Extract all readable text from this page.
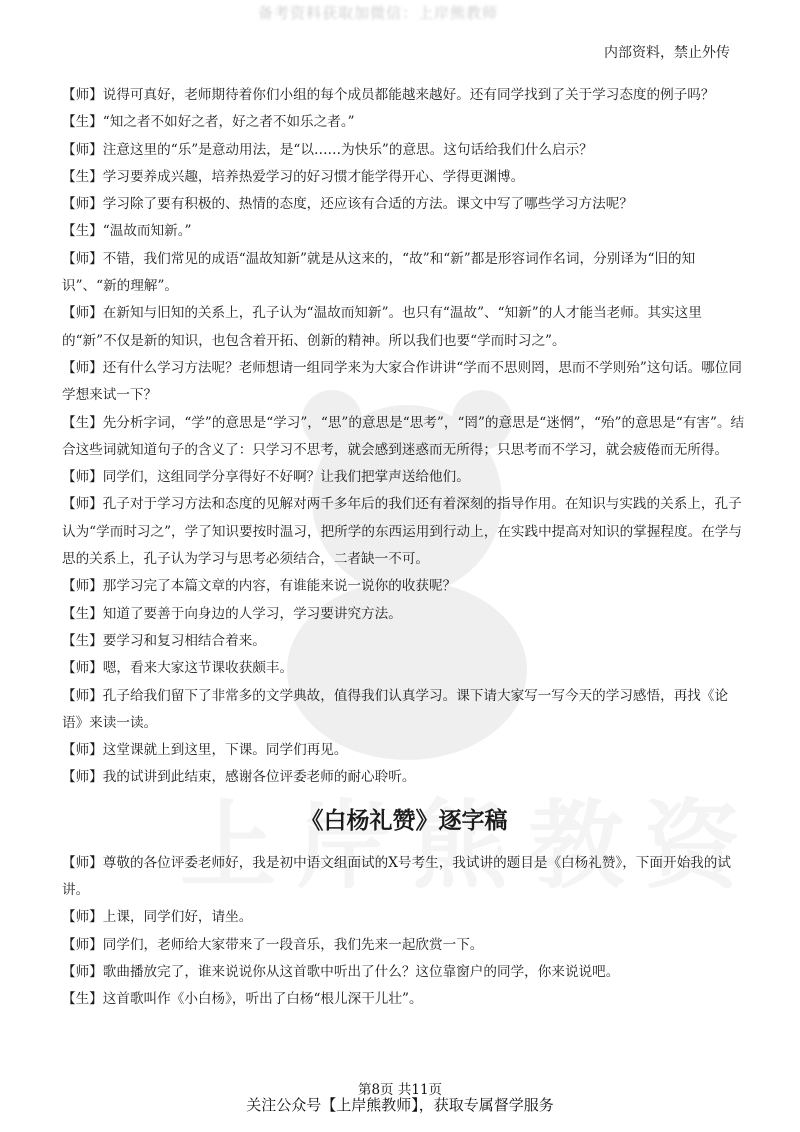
备考资料获取加微信：上岸熊教师
内部资料，禁止外传

【师】说得可真好，老师期待着你们小组的每个成员都能越来越好。还有同学找到了关于学习态度的例子吗？

【生】“知之者不如好之者，好之者不如乐之者。”

【师】注意这里的“乐”是意动用法，是“以……为快乐”的意思。这句话给我们什么启示？

【生】学习要养成兴趣，培养热爱学习的好习惯才能学得开心、学得更渊博。

【师】学习除了要有积极的、热情的态度，还应该有合适的方法。课文中写了哪些学习方法呢？

【生】“温故而知新。”

【师】不错，我们常见的成语“温故知新”就是从这来的，“故”和“新”都是形容词作名词，分别译为“旧的知识”、“新的理解”。

【师】在新知与旧知的关系上，孔子认为“温故而知新”。也只有“温故”、“知新”的人才能当老师。其实这里的“新”不仅是新的知识，也包含着开拓、创新的精神。所以我们也要“学而时习之”。

【师】还有什么学习方法呢？老师想请一组同学来为大家合作讲讲“学而不思则罔，思而不学则殆”这句话。哪位同学想来试一下？

【生】先分析字词，“学”的意思是“学习”，“思”的意思是“思考”，“罔”的意思是“迷惘”，“殆”的意思是“有害”。结合这些词就知道句子的含义了：只学习不思考，就会感到迷惑而无所得；只思考而不学习，就会疲倦而无所得。

【师】同学们，这组同学分享得好不好啊？让我们把掌声送给他们。

【师】孔子对于学习方法和态度的见解对两千多年后的我们还有着深刻的指导作用。在知识与实践的关系上，孔子认为“学而时习之”，学了知识要按时温习，把所学的东西运用到行动上，在实践中提高对知识的掌握程度。在学与思的关系上，孔子认为学习与思考必须结合，二者缺一不可。

【师】那学习完了本篇文章的内容，有谁能来说一说你的收获呢？

【生】知道了要善于向身边的人学习，学习要讲究方法。

【生】要学习和复习相结合着来。

【师】嗯，看来大家这节课收获颇丰。

【师】孔子给我们留下了非常多的文学典故，值得我们认真学习。课下请大家写一写今天的学习感悟，再找《论语》来读一读。

【师】这堂课就上到这里，下课。同学们再见。

【师】我的试讲到此结束，感谢各位评委老师的耐心聆听。

《白杨礼赞》逐字稿

【师】尊敬的各位评委老师好，我是初中语文组面试的X号考生，我试讲的题目是《白杨礼赞》，下面开始我的试讲。

【师】上课，同学们好，请坐。

【师】同学们，老师给大家带来了一段音乐，我们先来一起欣赏一下。

【师】歌曲播放完了，谁来说说你从这首歌中听出了什么？这位靠窗户的同学，你来说说吧。

【生】这首歌叫作《小白杨》，听出了白杨“根儿深干儿壮”。

第8页 共11页
关注公众号【上岸熊教师】，获取专属督学服务
